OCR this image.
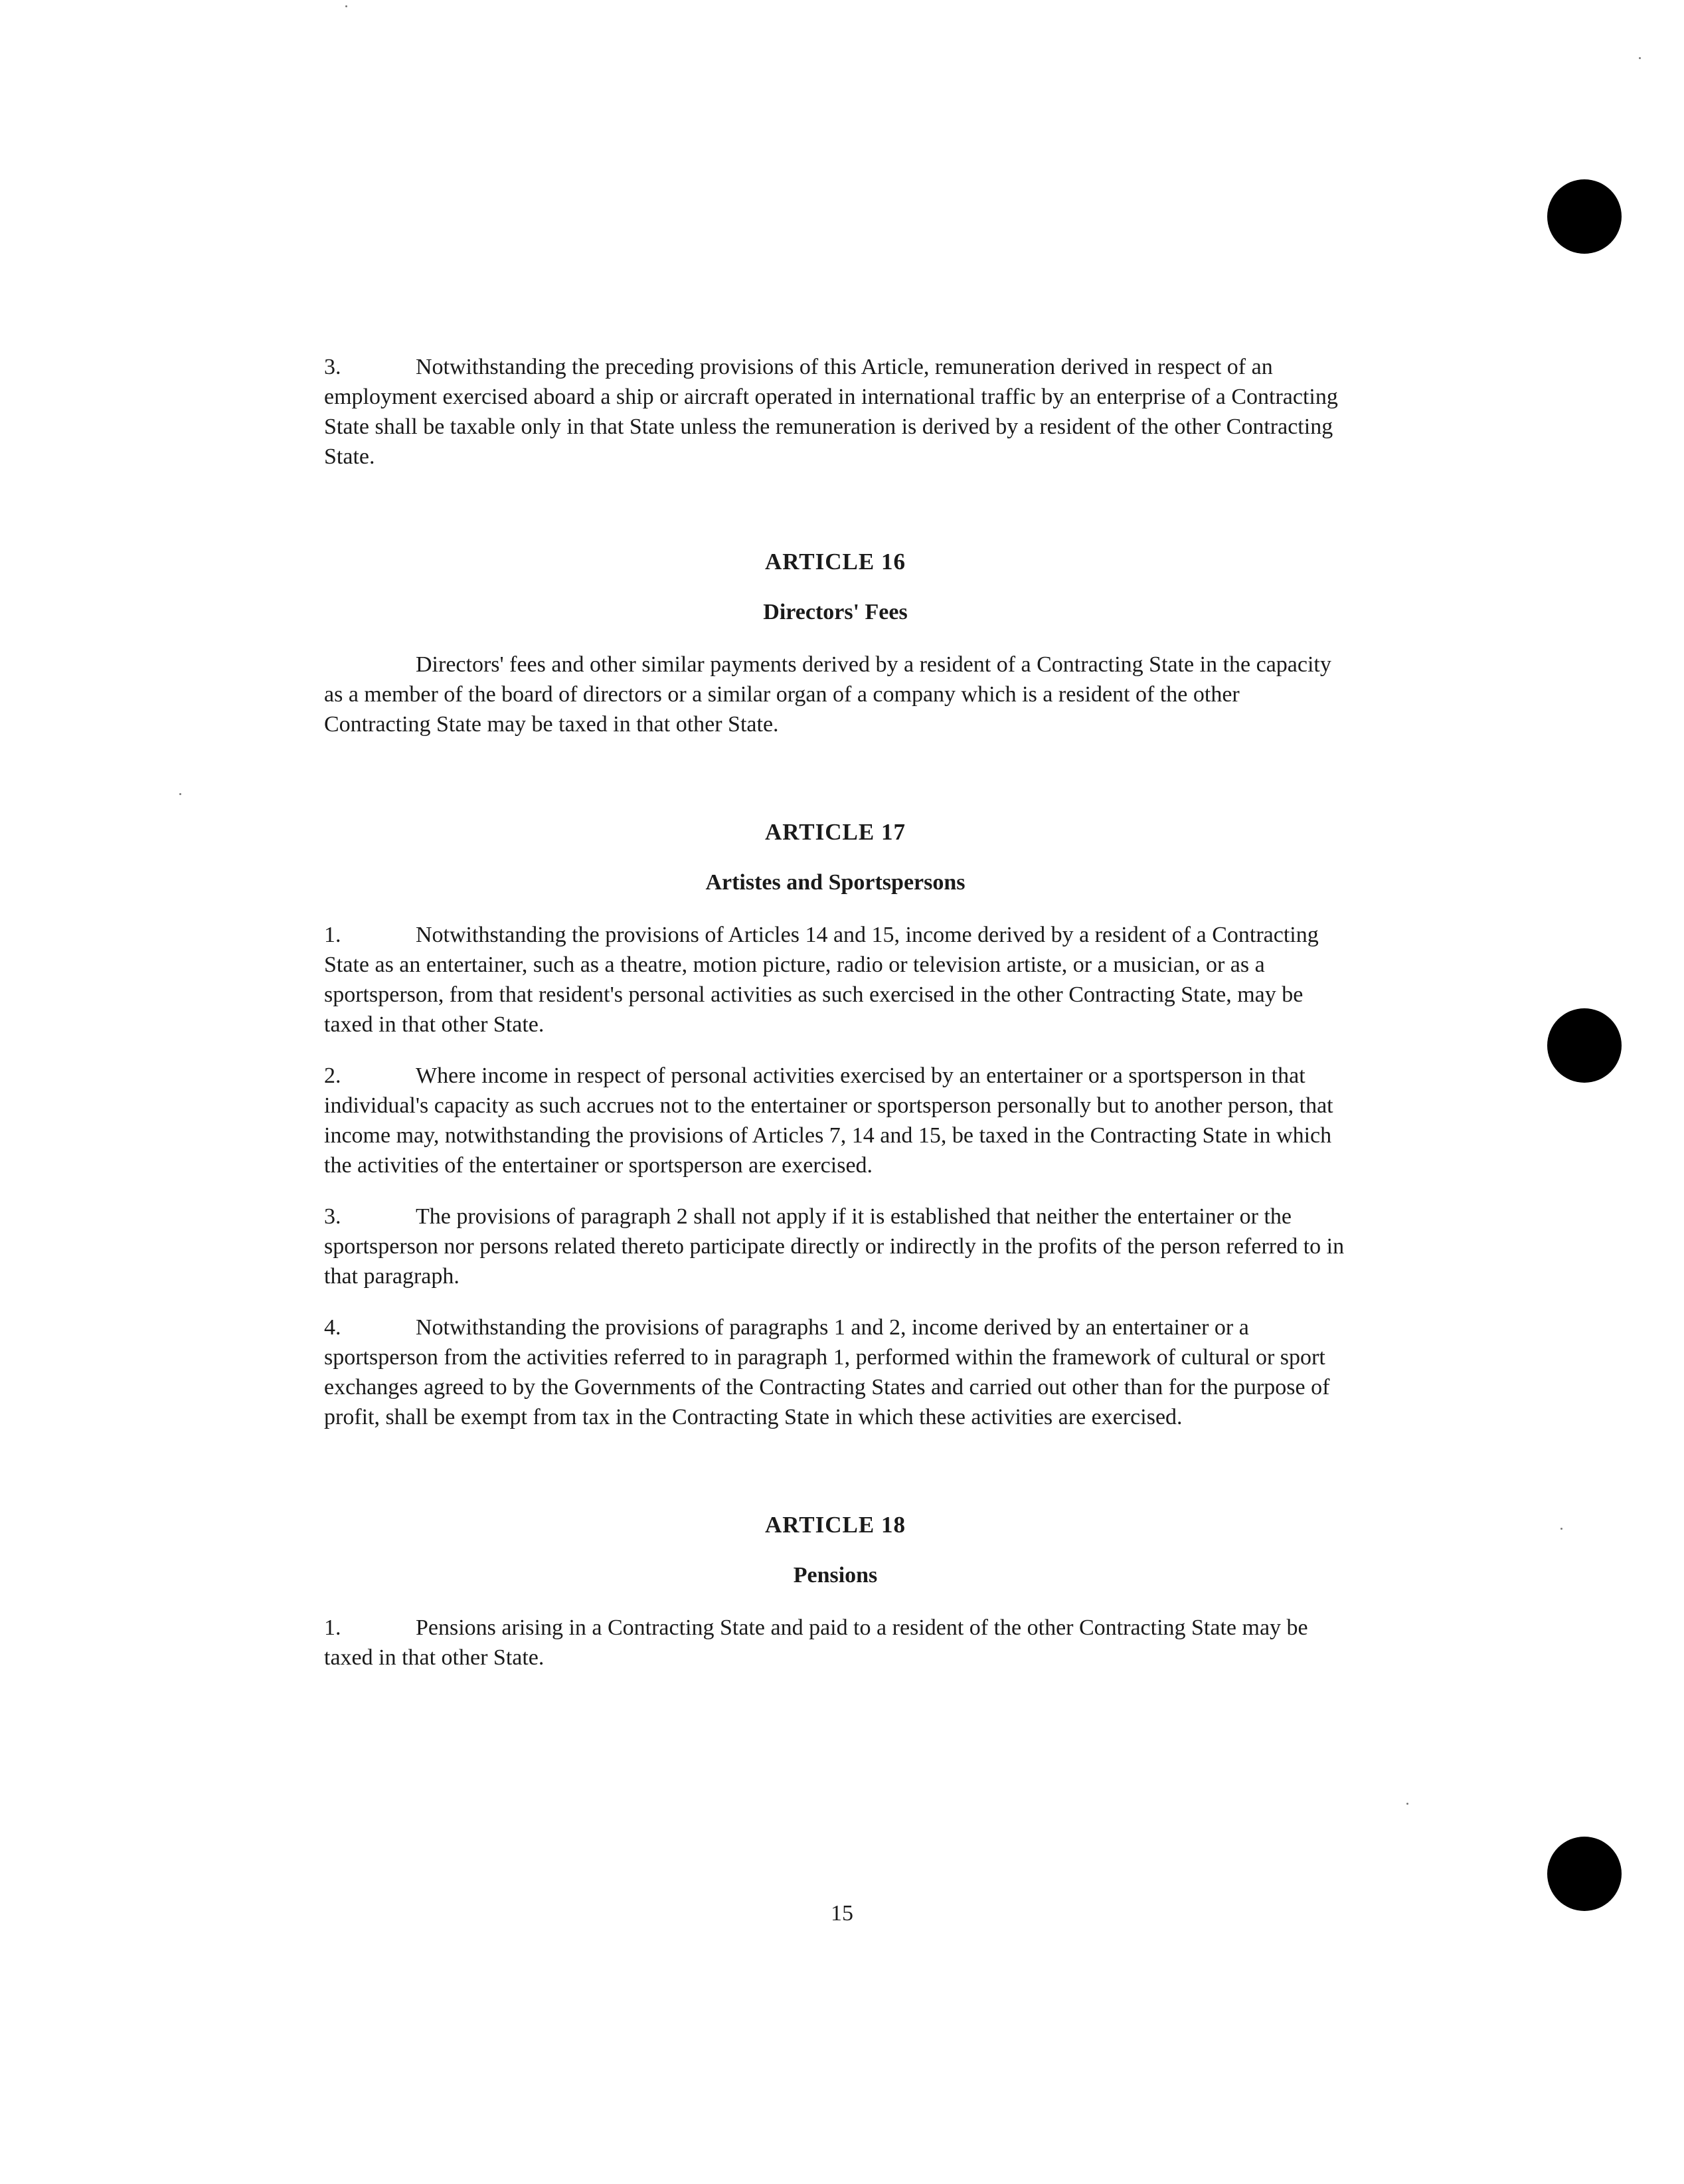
3.	Notwithstanding the preceding provisions of this Article, remuneration derived in respect of an employment exercised aboard a ship or aircraft operated in international traffic by an enterprise of a Contracting State shall be taxable only in that State unless the remuneration is derived by a resident of the other Contracting State.

ARTICLE 16

Directors' Fees

Directors' fees and other similar payments derived by a resident of a Contracting State in the capacity as a member of the board of directors or a similar organ of a company which is a resident of the other Contracting State may be taxed in that other State.

ARTICLE 17

Artistes and Sportspersons

1.	Notwithstanding the provisions of Articles 14 and 15, income derived by a resident of a Contracting State as an entertainer, such as a theatre, motion picture, radio or television artiste, or a musician, or as a sportsperson, from that resident's personal activities as such exercised in the other Contracting State, may be taxed in that other State.

2.	Where income in respect of personal activities exercised by an entertainer or a sportsperson in that individual's capacity as such accrues not to the entertainer or sportsperson personally but to another person, that income may, notwithstanding the provisions of Articles 7, 14 and 15, be taxed in the Contracting State in which the activities of the entertainer or sportsperson are exercised.

3.	The provisions of paragraph 2 shall not apply if it is established that neither the entertainer or the sportsperson nor persons related thereto participate directly or indirectly in the profits of the person referred to in that paragraph.

4.	Notwithstanding the provisions of paragraphs 1 and 2, income derived by an entertainer or a sportsperson from the activities referred to in paragraph 1, performed within the framework of cultural or sport exchanges agreed to by the Governments of the Contracting States and carried out other than for the purpose of profit, shall be exempt from tax in the Contracting State in which these activities are exercised.

ARTICLE 18

Pensions

1.	Pensions arising in a Contracting State and paid to a resident of the other Contracting State may be taxed in that other State.

15
